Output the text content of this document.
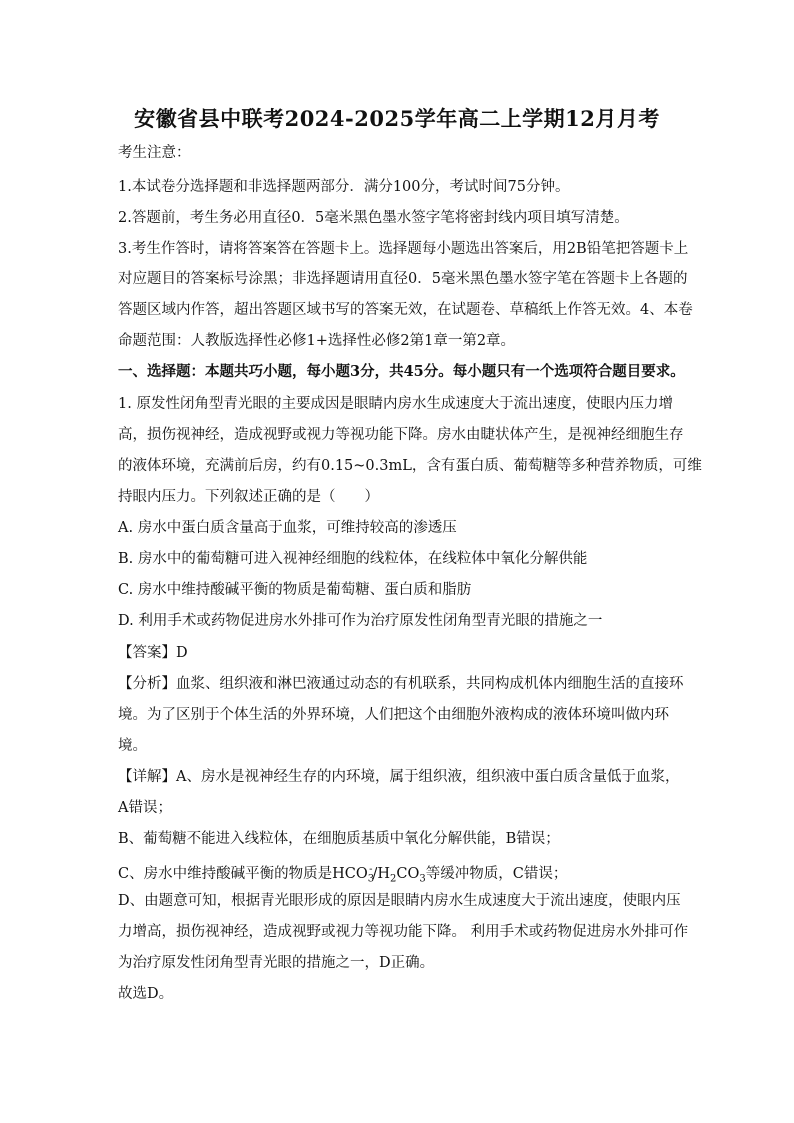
安徽省县中联考2024-2025学年高二上学期12月月考
考生注意：
1.本试卷分选择题和非选择题两部分．满分100分，考试时间75分钟。
2.答题前，考生务必用直径0．5毫米黑色墨水签字笔将密封线内项目填写清楚。
3.考生作答时，请将答案答在答题卡上。选择题每小题选出答案后，用2B铅笔把答题卡上
对应题目的答案标号涂黑；非选择题请用直径0．5毫米黑色墨水签字笔在答题卡上各题的
答题区域内作答，超出答题区域书写的答案无效，在试题卷、草稿纸上作答无效。4、本卷
命题范围：人教版选择性必修1+选择性必修2第1章一第2章。
一、选择题：本题共巧小题，每小题3分，共45分。每小题只有一个选项符合题目要求。
1. 原发性闭角型青光眼的主要成因是眼睛内房水生成速度大于流出速度，使眼内压力增
高，损伤视神经，造成视野或视力等视功能下降。房水由睫状体产生，是视神经细胞生存
的液体环境，充满前后房，约有0.15~0.3mL，含有蛋白质、葡萄糖等多种营养物质，可维
持眼内压力。下列叙述正确的是（　　）
A. 房水中蛋白质含量高于血浆，可维持较高的渗透压
B. 房水中的葡萄糖可进入视神经细胞的线粒体，在线粒体中氧化分解供能
C. 房水中维持酸碱平衡的物质是葡萄糖、蛋白质和脂肪
D. 利用手术或药物促进房水外排可作为治疗原发性闭角型青光眼的措施之一
【答案】D
【分析】血浆、组织液和淋巴液通过动态的有机联系，共同构成机体内细胞生活的直接环
境。为了区别于个体生活的外界环境，人们把这个由细胞外液构成的液体环境叫做内环
境。
【详解】A、房水是视神经生存的内环境，属于组织液，组织液中蛋白质含量低于血浆，
A错误；
B、葡萄糖不能进入线粒体，在细胞质基质中氧化分解供能，B错误；
C、房水中维持酸碱平衡的物质是$HCO_3^-/H_2CO_3$等缓冲物质，C错误；
D、由题意可知，根据青光眼形成的原因是眼睛内房水生成速度大于流出速度，使眼内压
力增高，损伤视神经，造成视野或视力等视功能下降。 利用手术或药物促进房水外排可作
为治疗原发性闭角型青光眼的措施之一，D正确。
故选D。
